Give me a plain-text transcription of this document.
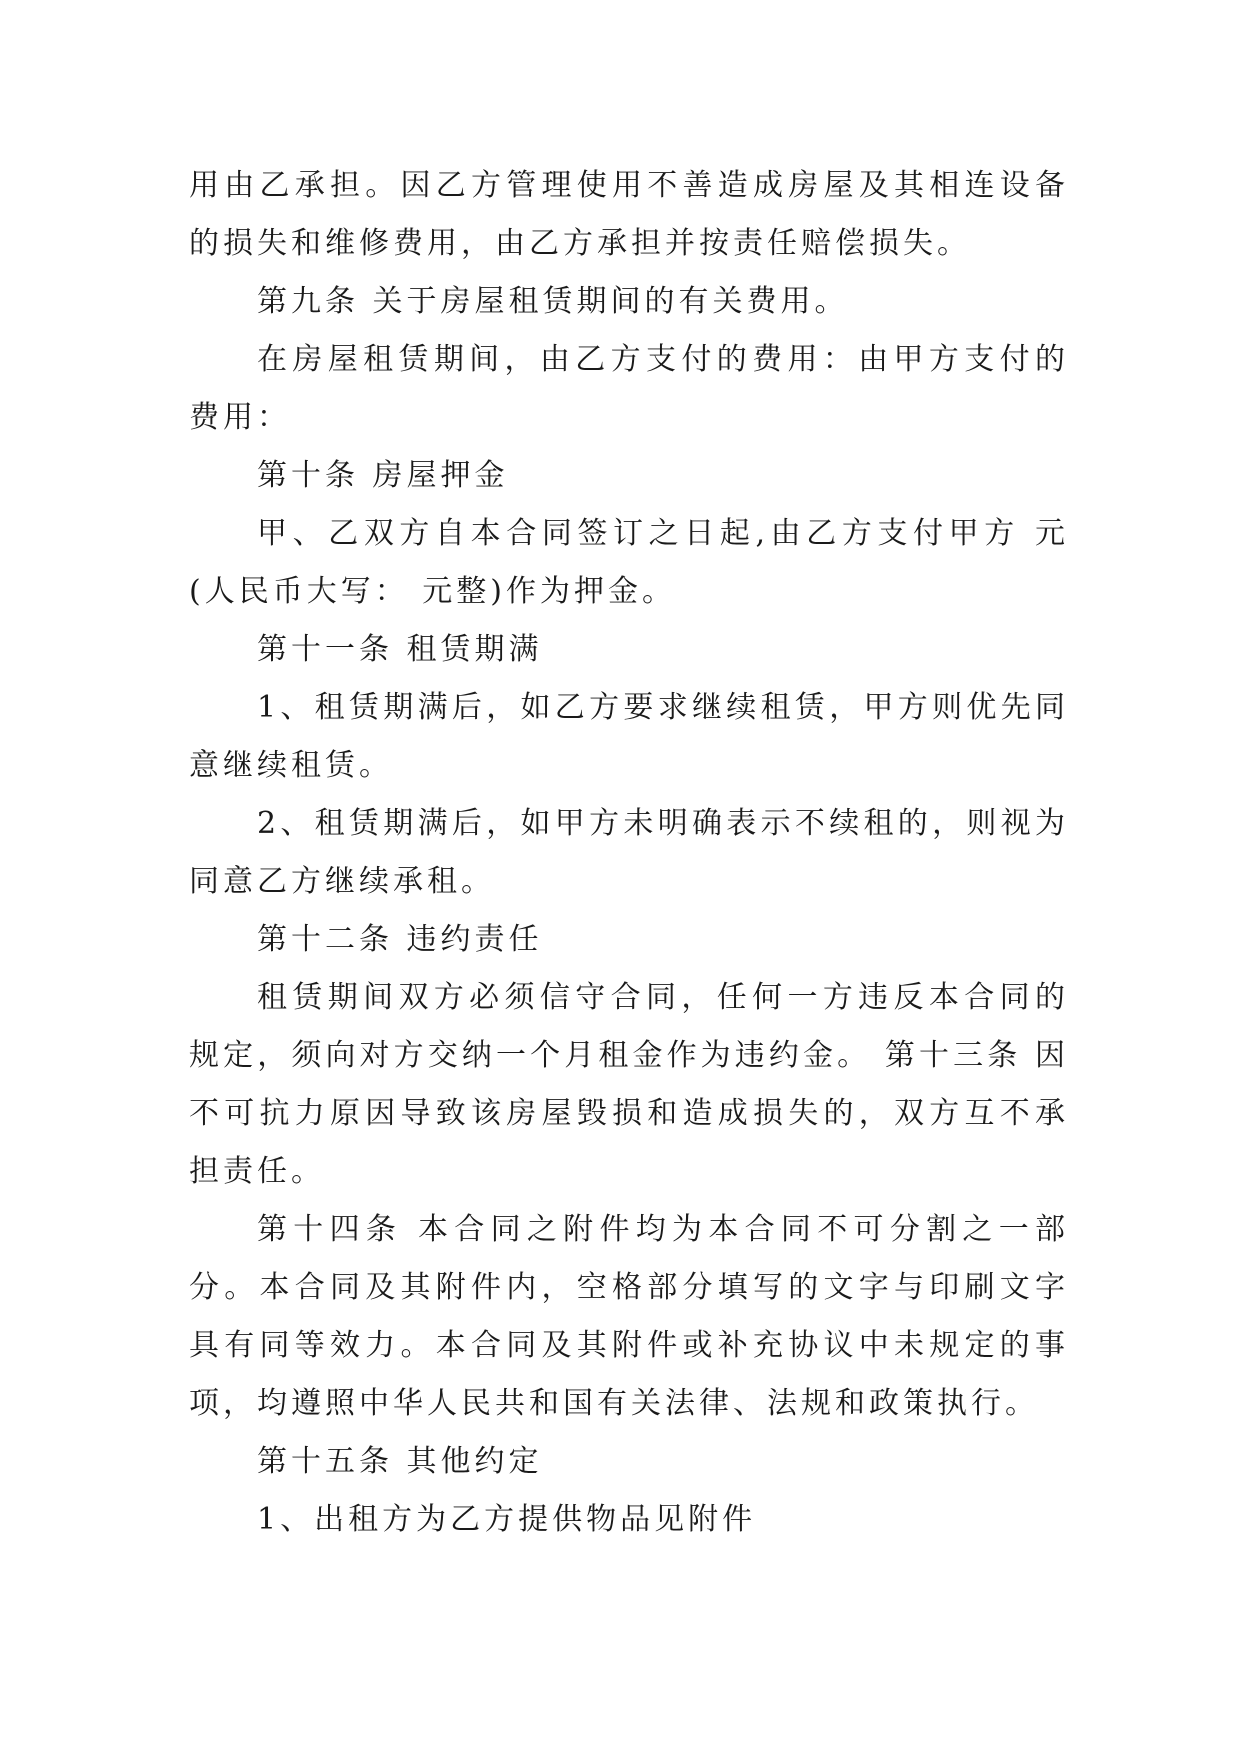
用由乙承担。因乙方管理使用不善造成房屋及其相连设备的损失和维修费用，由乙方承担并按责任赔偿损失。

第九条 关于房屋租赁期间的有关费用。

在房屋租赁期间，由乙方支付的费用：由甲方支付的费用：

第十条 房屋押金

甲、乙双方自本合同签订之日起,由乙方支付甲方 元(人民币大写： 元整)作为押金。

第十一条 租赁期满

1、租赁期满后，如乙方要求继续租赁，甲方则优先同意继续租赁。

2、租赁期满后，如甲方未明确表示不续租的，则视为同意乙方继续承租。

第十二条 违约责任

租赁期间双方必须信守合同，任何一方违反本合同的规定，须向对方交纳一个月租金作为违约金。 第十三条 因不可抗力原因导致该房屋毁损和造成损失的，双方互不承担责任。

第十四条 本合同之附件均为本合同不可分割之一部分。本合同及其附件内，空格部分填写的文字与印刷文字具有同等效力。本合同及其附件或补充协议中未规定的事项，均遵照中华人民共和国有关法律、法规和政策执行。

第十五条 其他约定

1、出租方为乙方提供物品见附件
